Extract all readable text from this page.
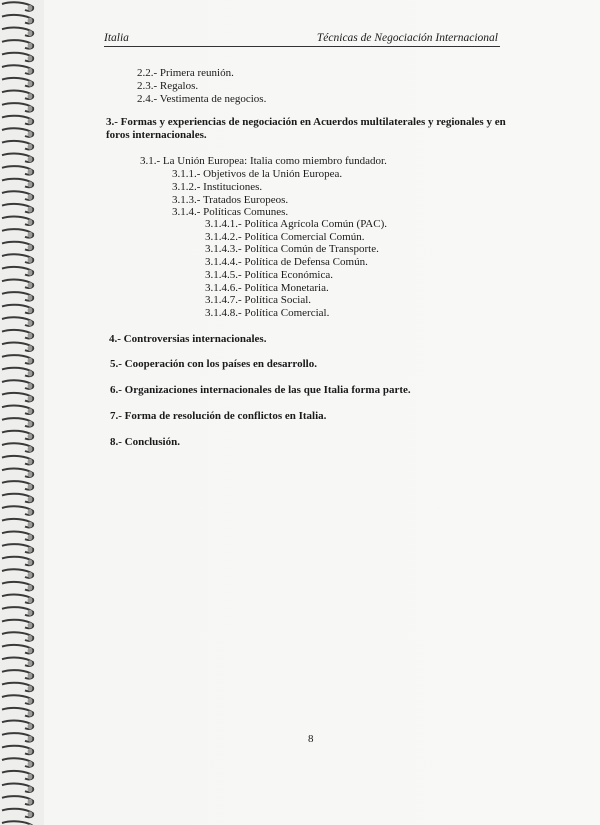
Italia	Técnicas de Negociación Internacional
2.2.- Primera reunión.
2.3.- Regalos.
2.4.- Vestimenta de negocios.
3.- Formas y experiencias de negociación en Acuerdos multilaterales y regionales y en
foros internacionales.
3.1.- La Unión Europea: Italia como miembro fundador.
3.1.1.- Objetivos de la Unión Europea.
3.1.2.- Instituciones.
3.1.3.- Tratados Europeos.
3.1.4.- Políticas Comunes.
3.1.4.1.- Política Agrícola Común (PAC).
3.1.4.2.- Política Comercial Común.
3.1.4.3.- Política Común de Transporte.
3.1.4.4.- Política de Defensa Común.
3.1.4.5.- Política Económica.
3.1.4.6.- Política Monetaria.
3.1.4.7.- Política Social.
3.1.4.8.- Política Comercial.
4.- Controversias internacionales.
5.- Cooperación con los países en desarrollo.
6.- Organizaciones internacionales de las que Italia forma parte.
7.- Forma de resolución de conflictos en Italia.
8.- Conclusión.
8
